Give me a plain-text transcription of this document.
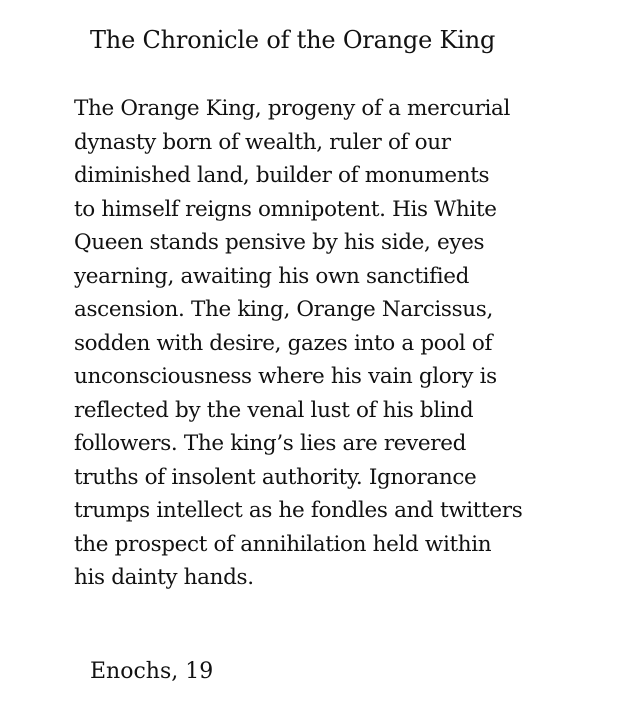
The Chronicle of the Orange King
The Orange King, progeny of a mercurial
dynasty born of wealth, ruler of our
diminished land, builder of monuments
to himself reigns omnipotent. His White
Queen stands pensive by his side, eyes
yearning, awaiting his own sanctified
ascension. The king, Orange Narcissus,
sodden with desire, gazes into a pool of
unconsciousness where his vain glory is
reflected by the venal lust of his blind
followers. The king’s lies are revered
truths of insolent authority. Ignorance
trumps intellect as he fondles and twitters
the prospect of annihilation held within
his dainty hands.
Enochs, 19
